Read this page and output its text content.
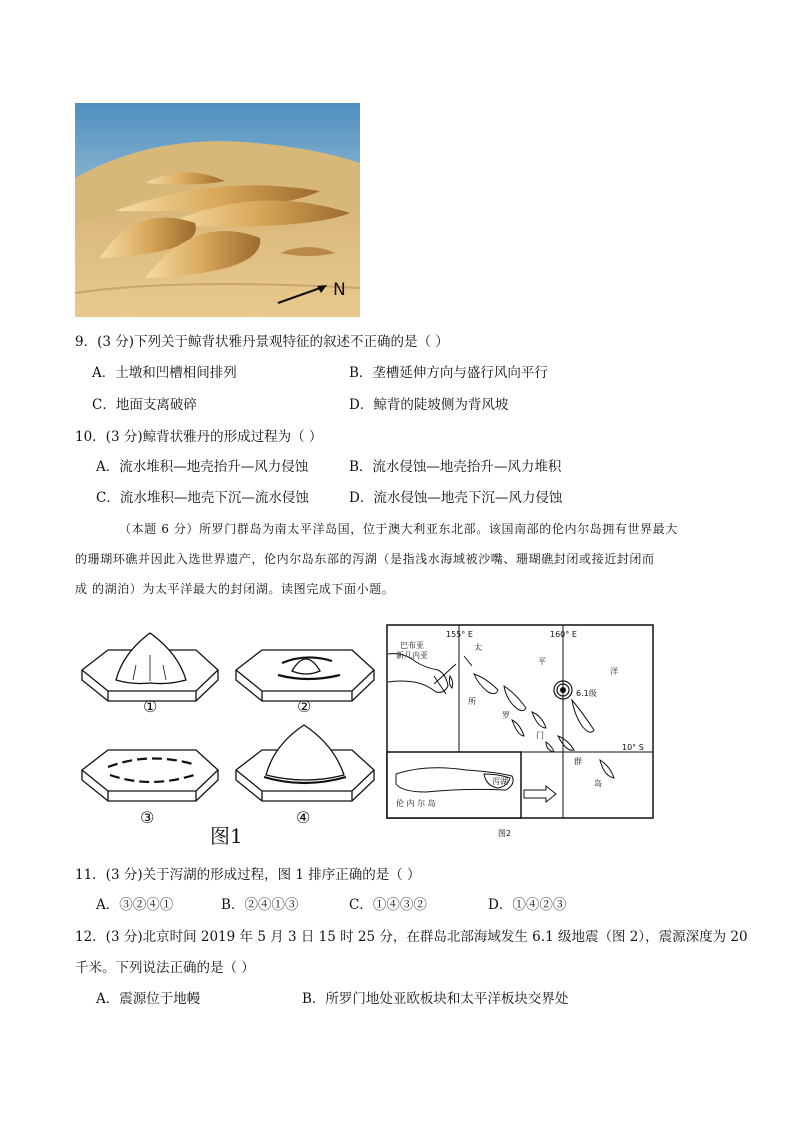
N
9．(3 分)下列关于鲸背状雅丹景观特征的叙述不正确的是（ ）
A．土墩和凹槽相间排列	B．垄槽延伸方向与盛行风向平行
C．地面支离破碎	D．鲸背的陡坡侧为背风坡
10．(3 分)鲸背状雅丹的形成过程为（ ）
A．流水堆积—地壳抬升—风力侵蚀	B．流水侵蚀—地壳抬升—风力堆积
C．流水堆积—地壳下沉—流水侵蚀	D．流水侵蚀—地壳下沉—风力侵蚀
（本题 6 分）所罗门群岛为南太平洋岛国，位于澳大利亚东北部。该国南部的伦内尔岛拥有世界最大
的珊瑚环礁并因此入选世界遗产，伦内尔岛东部的泻湖（是指浅水海域被沙嘴、珊瑚礁封闭或接近封闭而
成 的湖泊）为太平洋最大的封闭湖。读图完成下面小题。
①	②
③	④
图1
155° E	160° E
10° S
巴布亚
新几内亚
太
平
洋
所
罗
门
群
岛
6.1级
伦 内 尔 岛
泻湖
图2
11．(3 分)关于泻湖的形成过程，图 1 排序正确的是（ ）
A．③②④①	B．②④①③	C．①④③②	D．①④②③
12．(3 分)北京时间 2019 年 5 月 3 日 15 时 25 分，在群岛北部海域发生 6.1 级地震（图 2），震源深度为 20
千米。下列说法正确的是（ ）
A．震源位于地幔	B．所罗门地处亚欧板块和太平洋板块交界处
